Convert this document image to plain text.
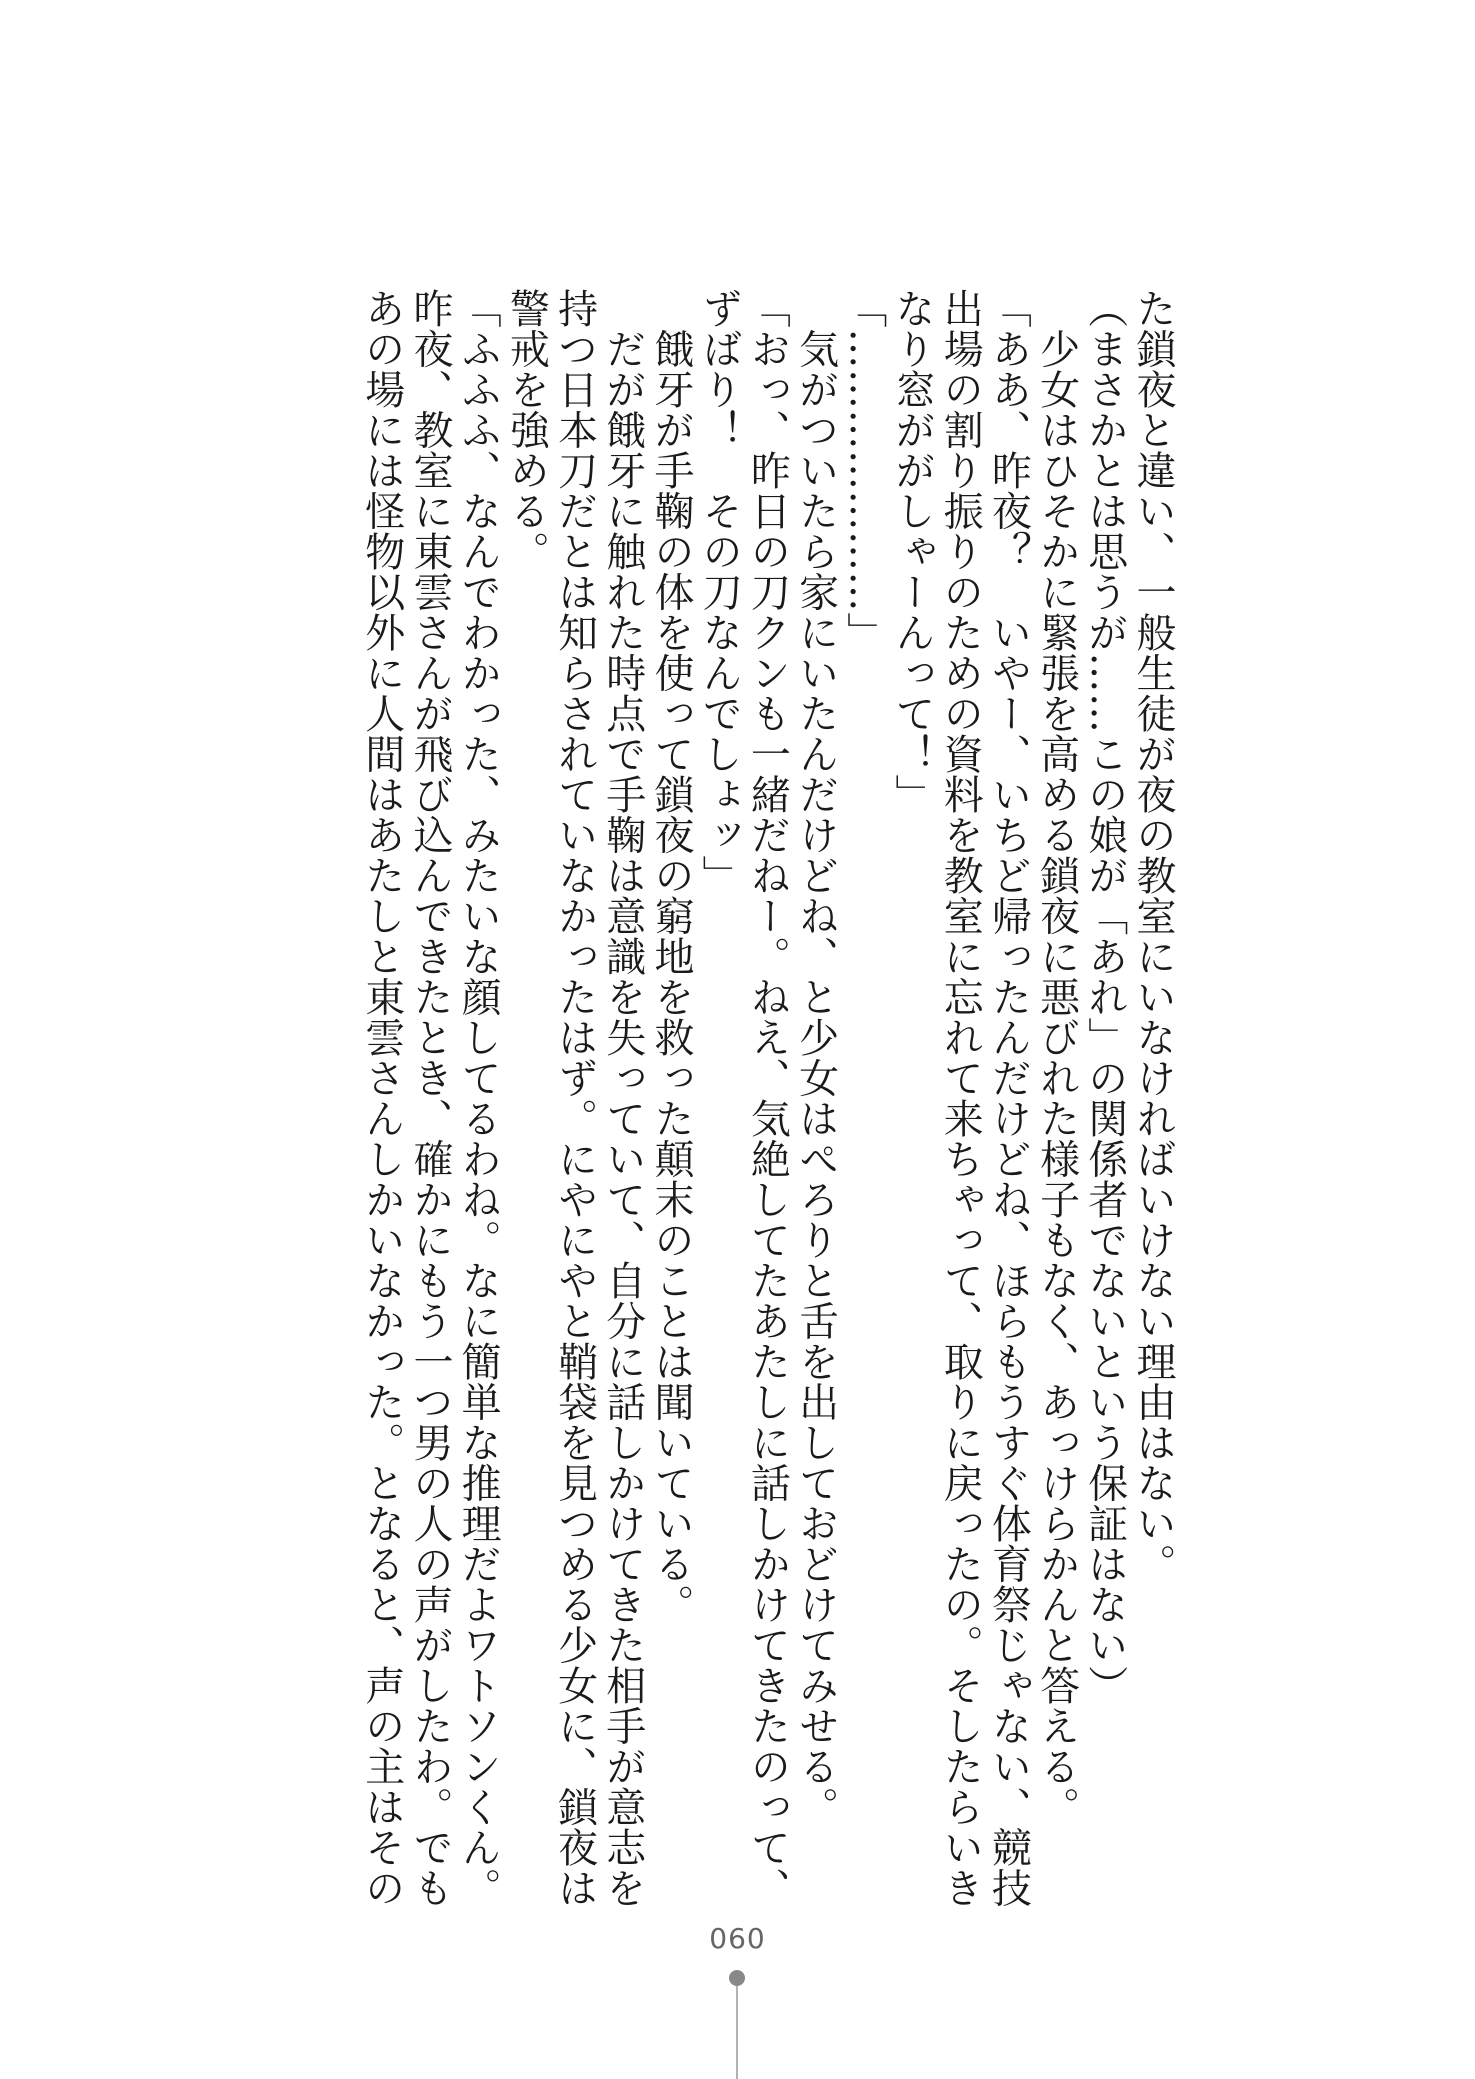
た鎖夜と違い、一般生徒が夜の教室にいなければいけない理由はない。
（まさかとは思うが……この娘が「あれ」の関係者でないという保証はない）
　少女はひそかに緊張を高める鎖夜に悪びれた様子もなく、あっけらかんと答える。
「ああ、昨夜？　いやー、いちど帰ったんだけどね、ほらもうすぐ体育祭じゃない、競技
出場の割り振りのための資料を教室に忘れて来ちゃって、取りに戻ったの。そしたらいき
なり窓ががしゃーんって！」
「…………………」
　気がついたら家にいたんだけどね、と少女はぺろりと舌を出しておどけてみせる。
「おっ、昨日の刀クンも一緒だねー。ねえ、気絶してたあたしに話しかけてきたのって、
ずばり！　その刀なんでしょッ」
　餓牙が手鞠の体を使って鎖夜の窮地を救った顛末のことは聞いている。
　だが餓牙に触れた時点で手鞠は意識を失っていて、自分に話しかけてきた相手が意志を
持つ日本刀だとは知らされていなかったはず。にやにやと鞘袋を見つめる少女に、鎖夜は
警戒を強める。
「ふふふ、なんでわかった、みたいな顔してるわね。なに簡単な推理だよワトソンくん。
昨夜、教室に東雲さんが飛び込んできたとき、確かにもう一つ男の人の声がしたわ。でも
あの場には怪物以外に人間はあたしと東雲さんしかいなかった。となると、声の主はその
060
